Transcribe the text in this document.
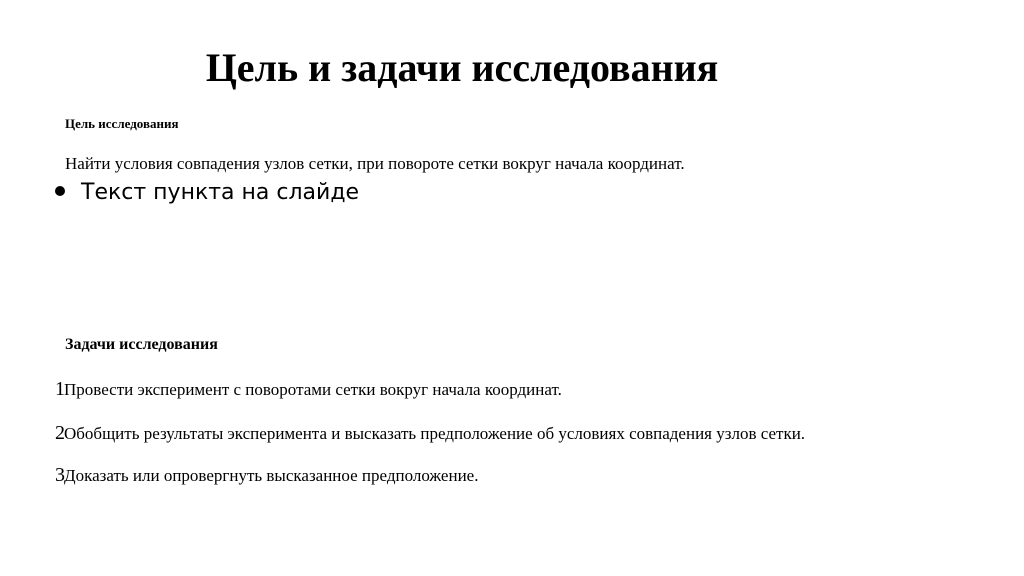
Цель и задачи исследования
Цель исследования
Найти условия совпадения узлов сетки, при повороте сетки вокруг начала координат.
Текст пункта на слайде
Задачи исследования
1 Провести эксперимент с поворотами сетки вокруг начала координат.
2 Обобщить результаты эксперимента и высказать предположение об условиях совпадения узлов сетки.
3 Доказать или опровергнуть высказанное предположение.
